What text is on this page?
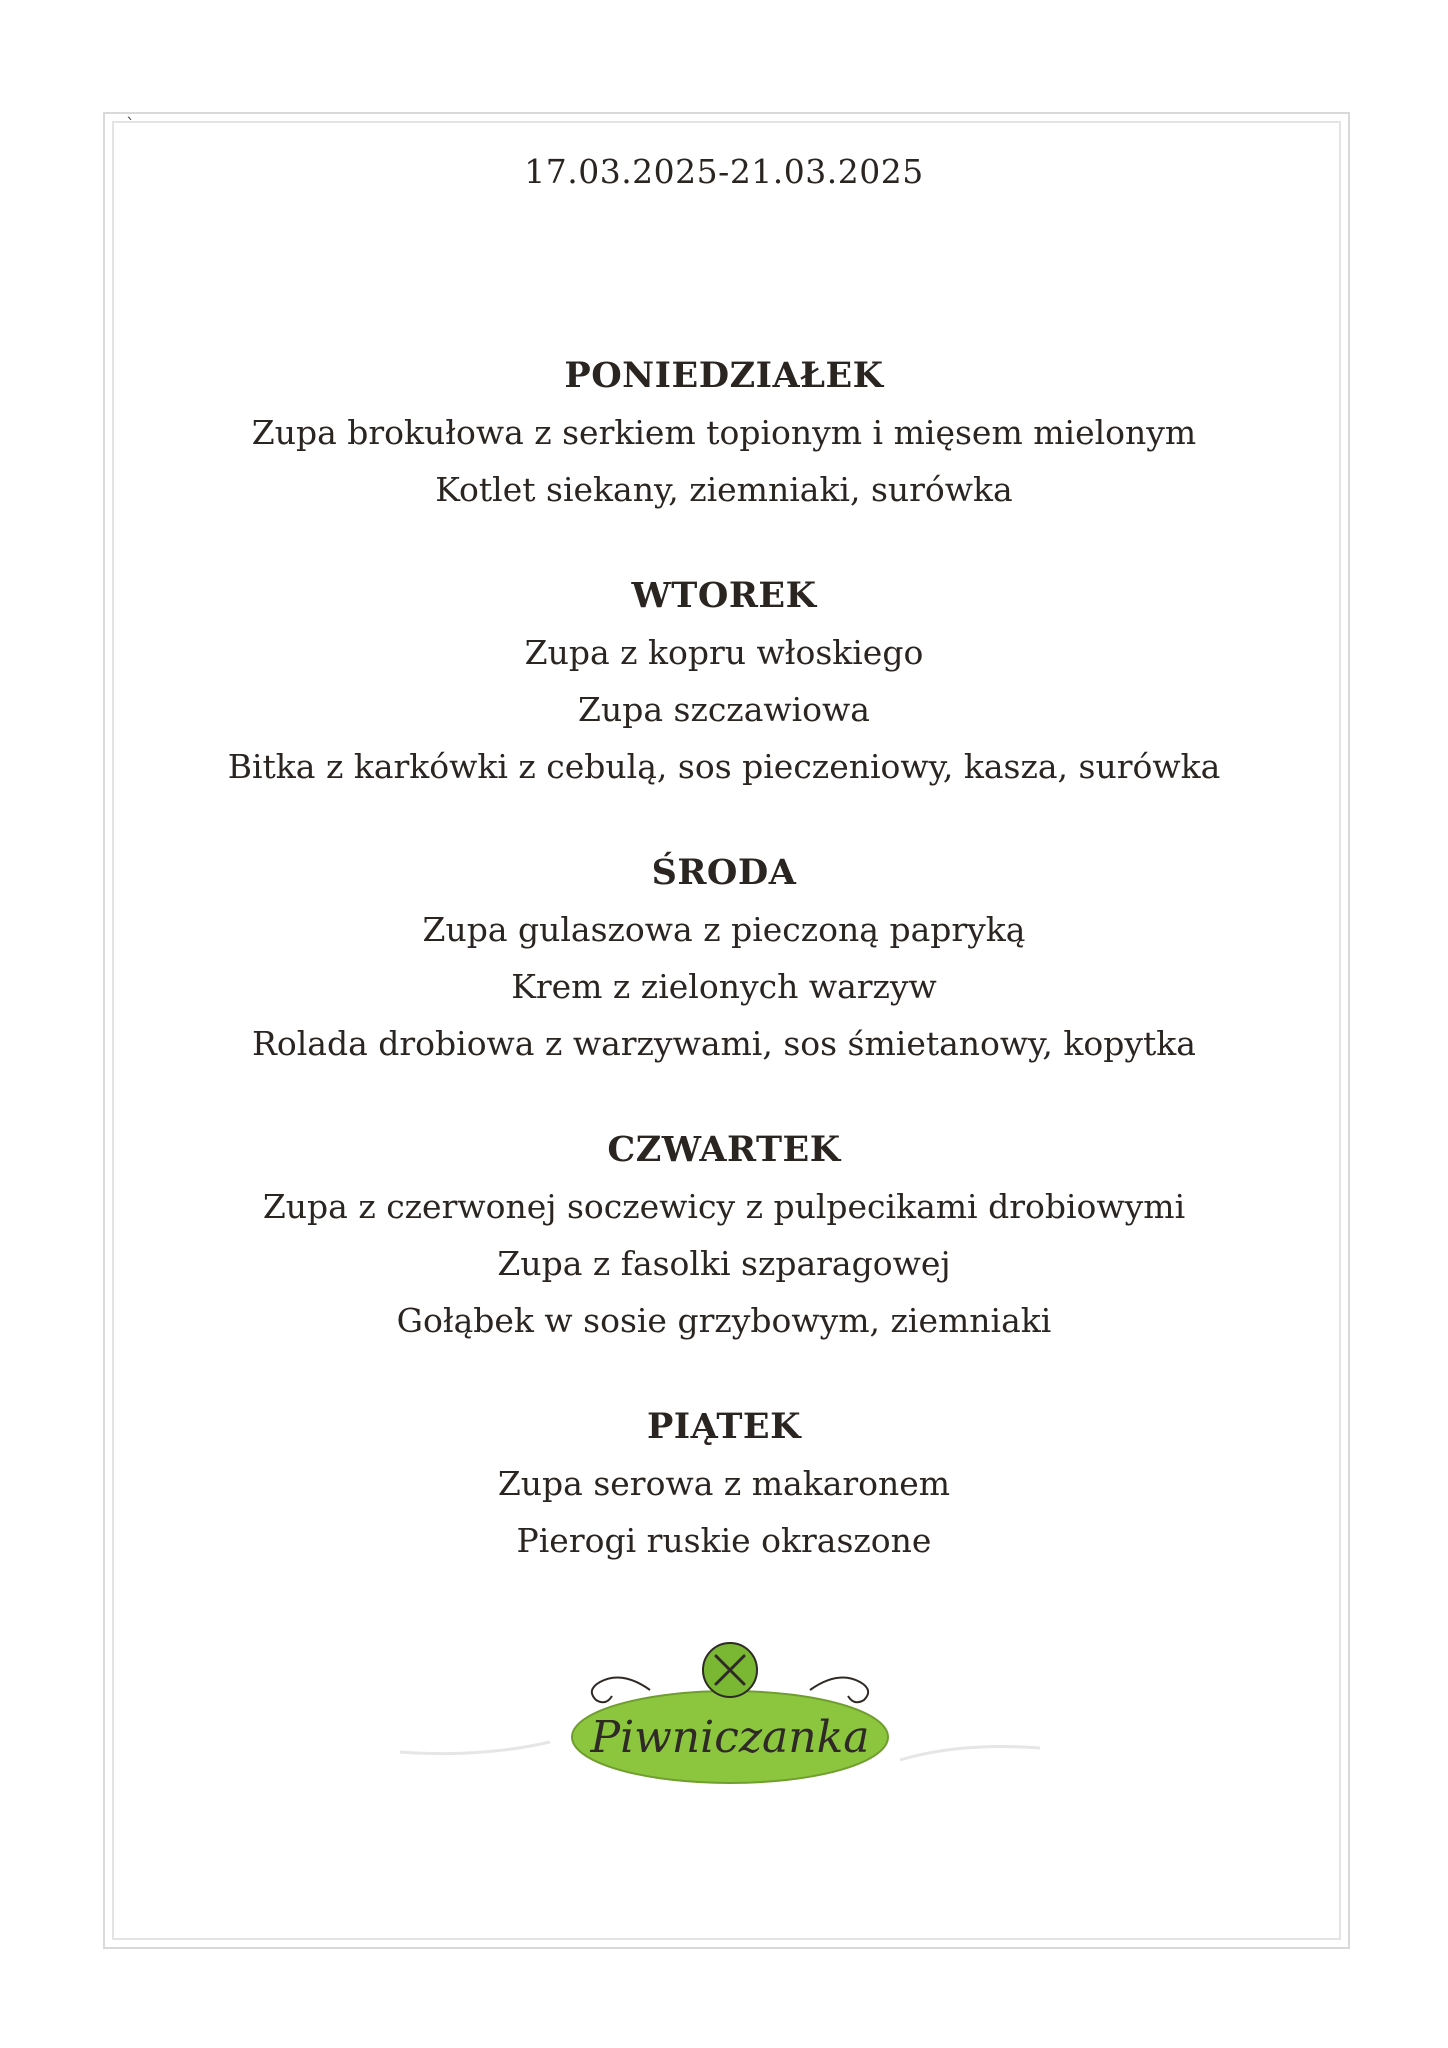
`
17.03.2025-21.03.2025
PONIEDZIAŁEK
Zupa brokułowa z serkiem topionym i mięsem mielonym
Kotlet siekany, ziemniaki, surówka
WTOREK
Zupa z kopru włoskiego
Zupa szczawiowa
Bitka z karkówki z cebulą, sos pieczeniowy, kasza, surówka
ŚRODA
Zupa gulaszowa z pieczoną papryką
Krem z zielonych warzyw
Rolada drobiowa z warzywami, sos śmietanowy, kopytka
CZWARTEK
Zupa z czerwonej soczewicy z pulpecikami drobiowymi
Zupa z fasolki szparagowej
Gołąbek w sosie grzybowym, ziemniaki
PIĄTEK
Zupa serowa z makaronem
Pierogi ruskie okraszone
Piwniczanka
